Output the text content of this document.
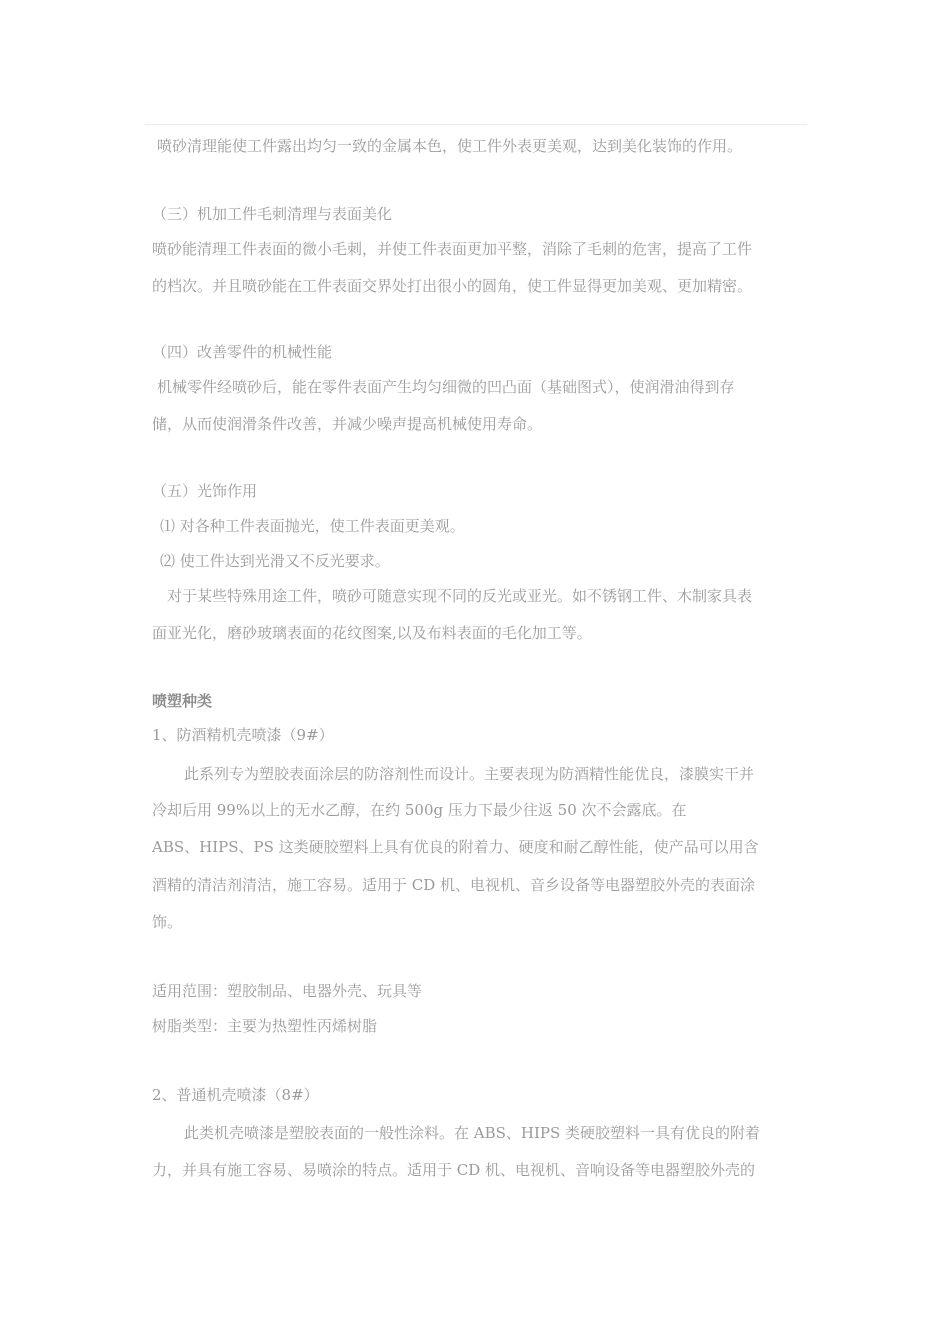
喷砂清理能使工件露出均匀一致的金属本色，使工件外表更美观，达到美化装饰的作用。

（三）机加工件毛刺清理与表面美化

喷砂能清理工件表面的微小毛刺，并使工件表面更加平整，消除了毛刺的危害，提高了工件

的档次。并且喷砂能在工件表面交界处打出很小的圆角，使工件显得更加美观、更加精密。

（四）改善零件的机械性能

机械零件经喷砂后，能在零件表面产生均匀细微的凹凸面（基础图式），使润滑油得到存

储，从而使润滑条件改善，并减少噪声提高机械使用寿命。

（五）光饰作用

⑴ 对各种工件表面抛光，使工件表面更美观。

⑵ 使工件达到光滑又不反光要求。

对于某些特殊用途工件，喷砂可随意实现不同的反光或亚光。如不锈钢工件、木制家具表

面亚光化，磨砂玻璃表面的花纹图案,以及布料表面的毛化加工等。

喷塑种类

1、防酒精机壳喷漆（9#）

此系列专为塑胶表面涂层的防溶剂性而设计。主要表现为防酒精性能优良，漆膜实干并

冷却后用 99%以上的无水乙醇，在约 500g 压力下最少往返 50 次不会露底。在

ABS、HIPS、PS 这类硬胶塑料上具有优良的附着力、硬度和耐乙醇性能，使产品可以用含

酒精的清洁剂清洁，施工容易。适用于 CD 机、电视机、音乡设备等电器塑胶外壳的表面涂

饰。

适用范围：塑胶制品、电器外壳、玩具等

树脂类型：主要为热塑性丙烯树脂

2、普通机壳喷漆（8#）

此类机壳喷漆是塑胶表面的一般性涂料。在 ABS、HIPS 类硬胶塑料一具有优良的附着

力，并具有施工容易、易喷涂的特点。适用于 CD 机、电视机、音响设备等电器塑胶外壳的
